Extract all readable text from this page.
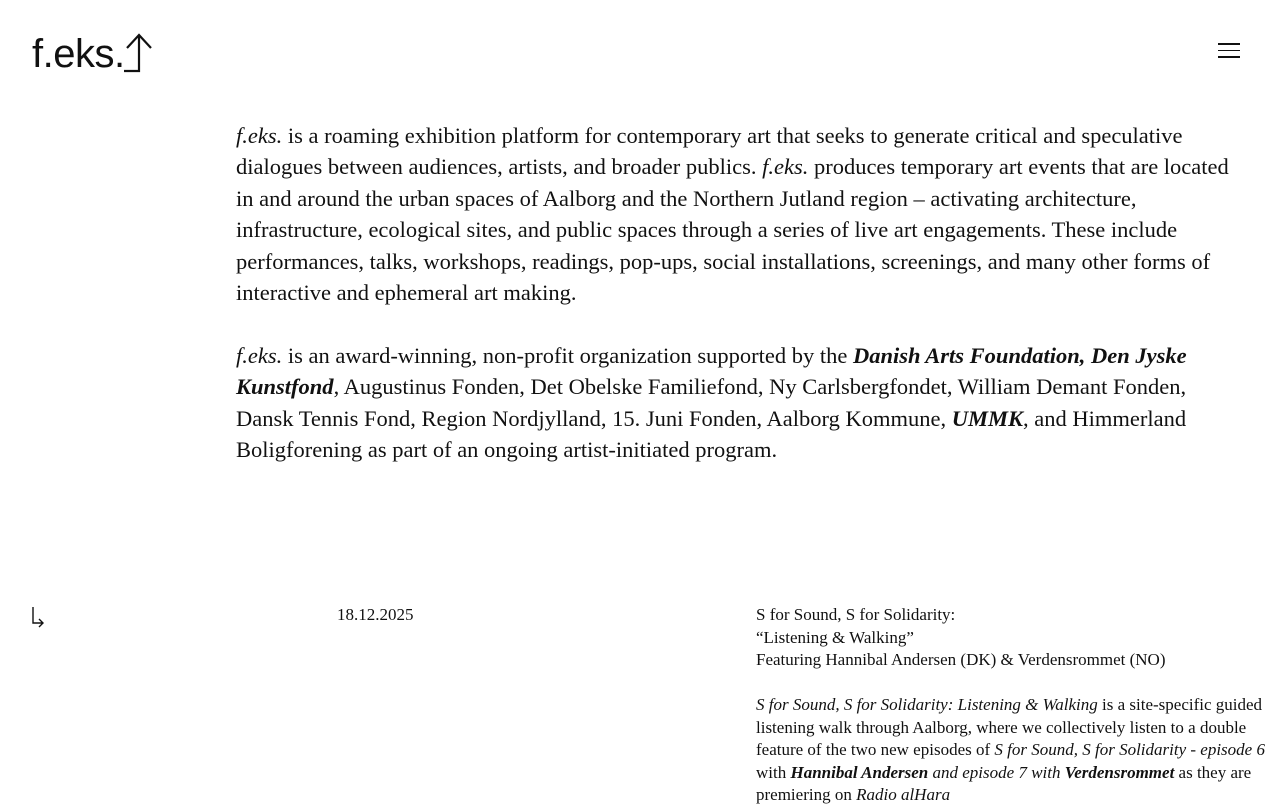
f.eks.

f.eks. is a roaming exhibition platform for contemporary art that seeks to generate critical and speculative dialogues between audiences, artists, and broader publics. f.eks. produces temporary art events that are located in and around the urban spaces of Aalborg and the Northern Jutland region – activating architecture, infrastructure, ecological sites, and public spaces through a series of live art engagements. These include performances, talks, workshops, readings, pop-ups, social installations, screenings, and many other forms of interactive and ephemeral art making.

f.eks. is an award-winning, non-profit organization supported by the Danish Arts Foundation, Den Jyske Kunstfond, Augustinus Fonden, Det Obelske Familiefond, Ny Carlsbergfondet, William Demant Fonden, Dansk Tennis Fond, Region Nordjylland, 15. Juni Fonden, Aalborg Kommune, UMMK, and Himmerland Boligforening as part of an ongoing artist-initiated program.

18.12.2025	S for Sound, S for Solidarity:

“Listening & Walking”

Featuring Hannibal Andersen (DK) & Verdensrommet (NO)

S for Sound, S for Solidarity: Listening & Walking is a site-specific guided listening walk through Aalborg, where we collectively listen to a double feature of the two new episodes of S for Sound, S for Solidarity - episode 6 with Hannibal Andersen and episode 7 with Verdensrommet as they are premiering on Radio alHara
